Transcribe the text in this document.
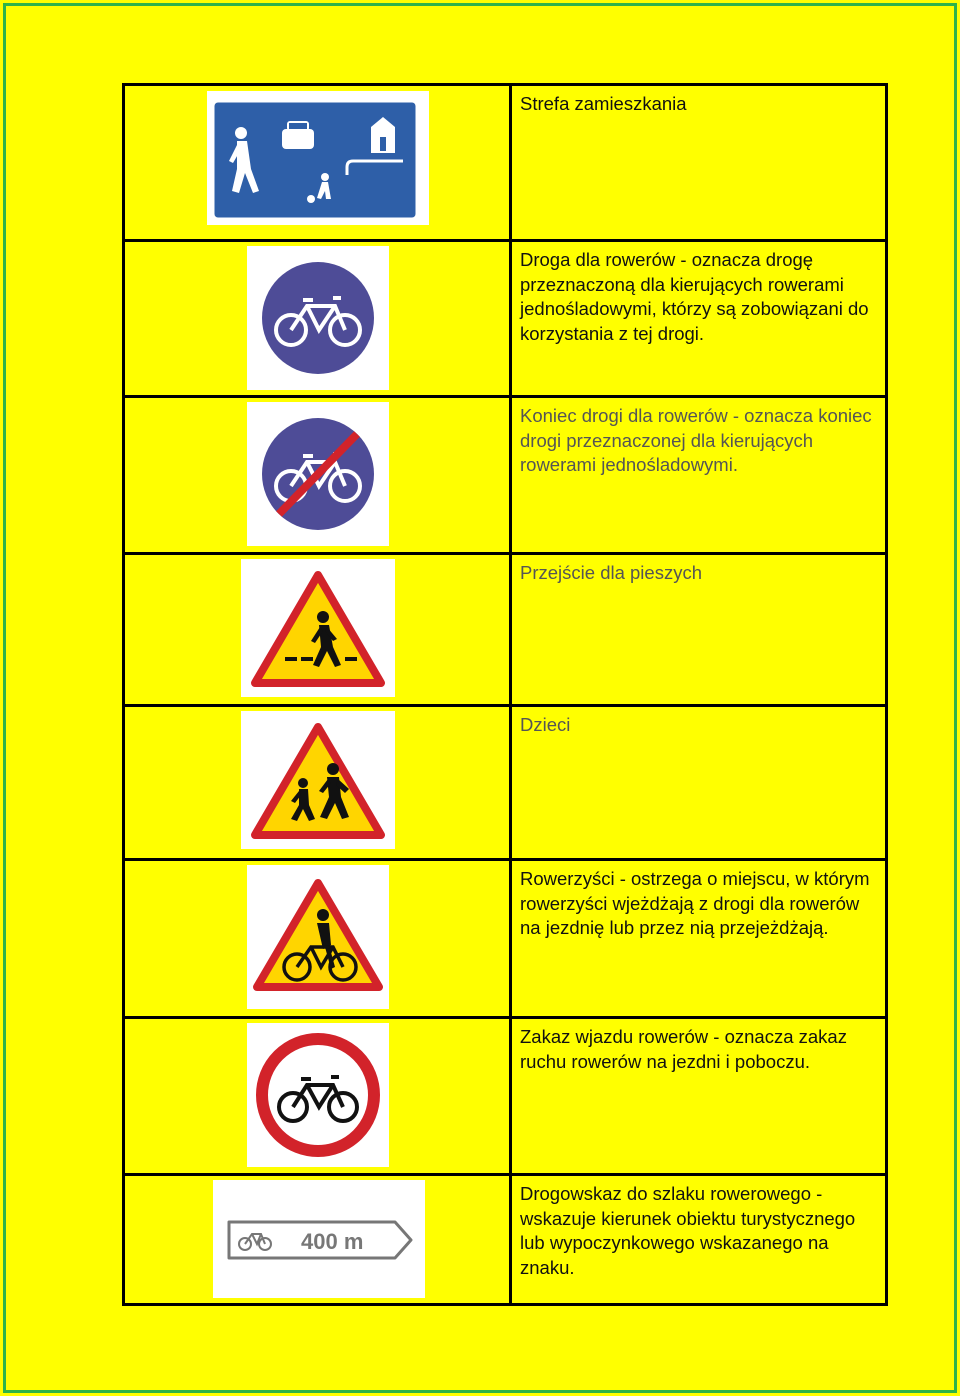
	Strefa zamieszkania

	Droga dla rowerów - oznacza drogę przeznaczoną dla kierujących rowerami jednośladowymi, którzy są zobowiązani do korzystania z tej drogi.

	Koniec drogi dla rowerów - oznacza koniec drogi przeznaczonej dla kierujących rowerami jednośladowymi.

	Przejście dla pieszych

	Dzieci

	Rowerzyści - ostrzega o miejscu, w którym rowerzyści wjeżdżają z drogi dla rowerów na jezdnię lub przez nią przejeżdżają.

	Zakaz wjazdu rowerów - oznacza zakaz ruchu rowerów na jezdni i poboczu.

400 m	Drogowskaz do szlaku rowerowego - wskazuje kierunek obiektu turystycznego lub wypoczynkowego wskazanego na znaku.
